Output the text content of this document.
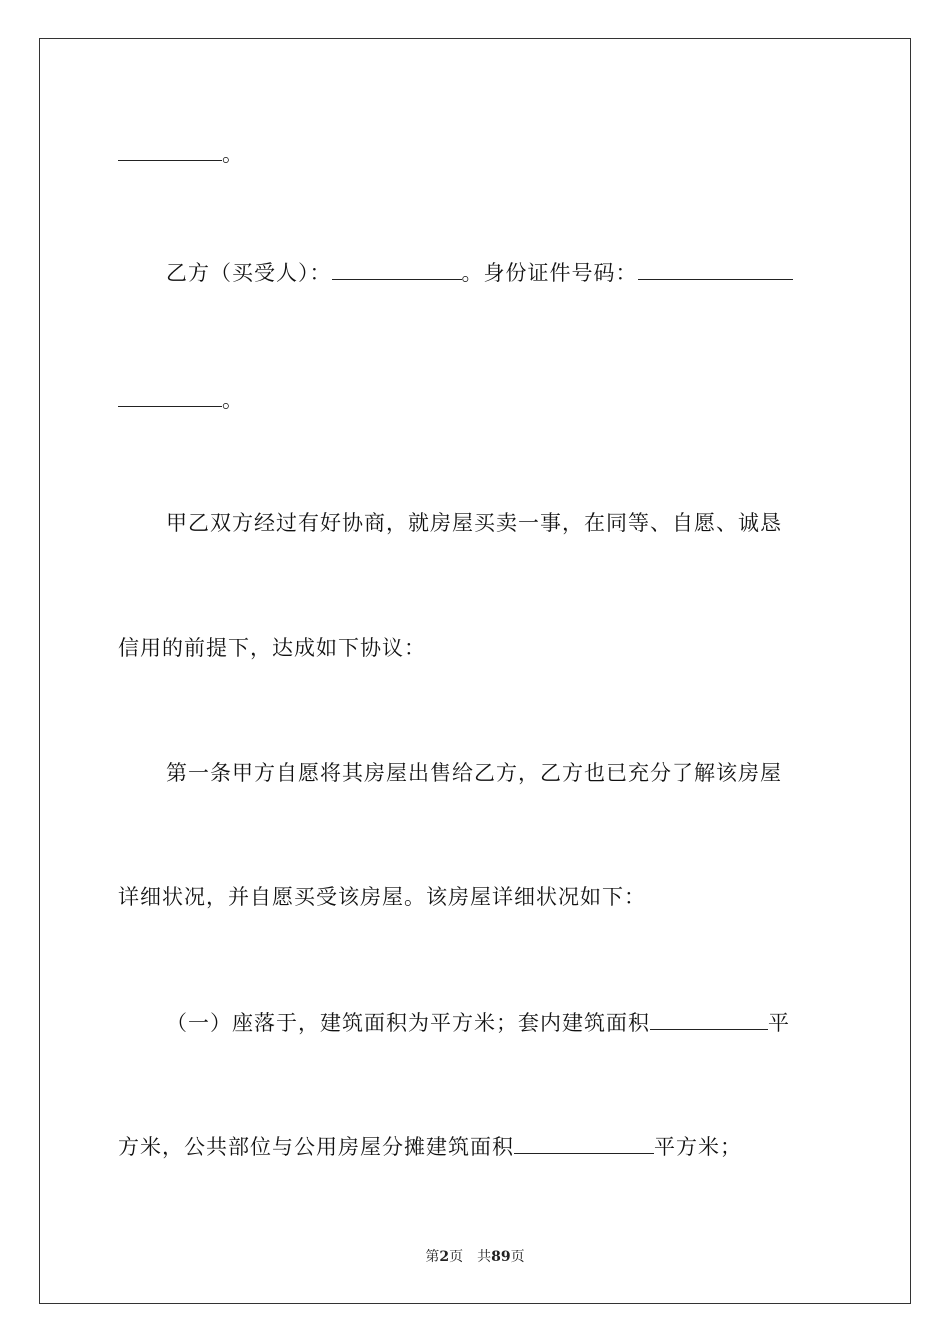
。
乙方（买受人）：	。身份证件号码：
。
甲乙双方经过有好协商，就房屋买卖一事，在同等、自愿、诚恳
信用的前提下，达成如下协议：
第一条甲方自愿将其房屋出售给乙方，乙方也已充分了解该房屋
详细状况，并自愿买受该房屋。该房屋详细状况如下：
（一）座落于，建筑面积为平方米；套内建筑面积	平
方米，公共部位与公用房屋分摊建筑面积	平方米；
第2页 共89页
